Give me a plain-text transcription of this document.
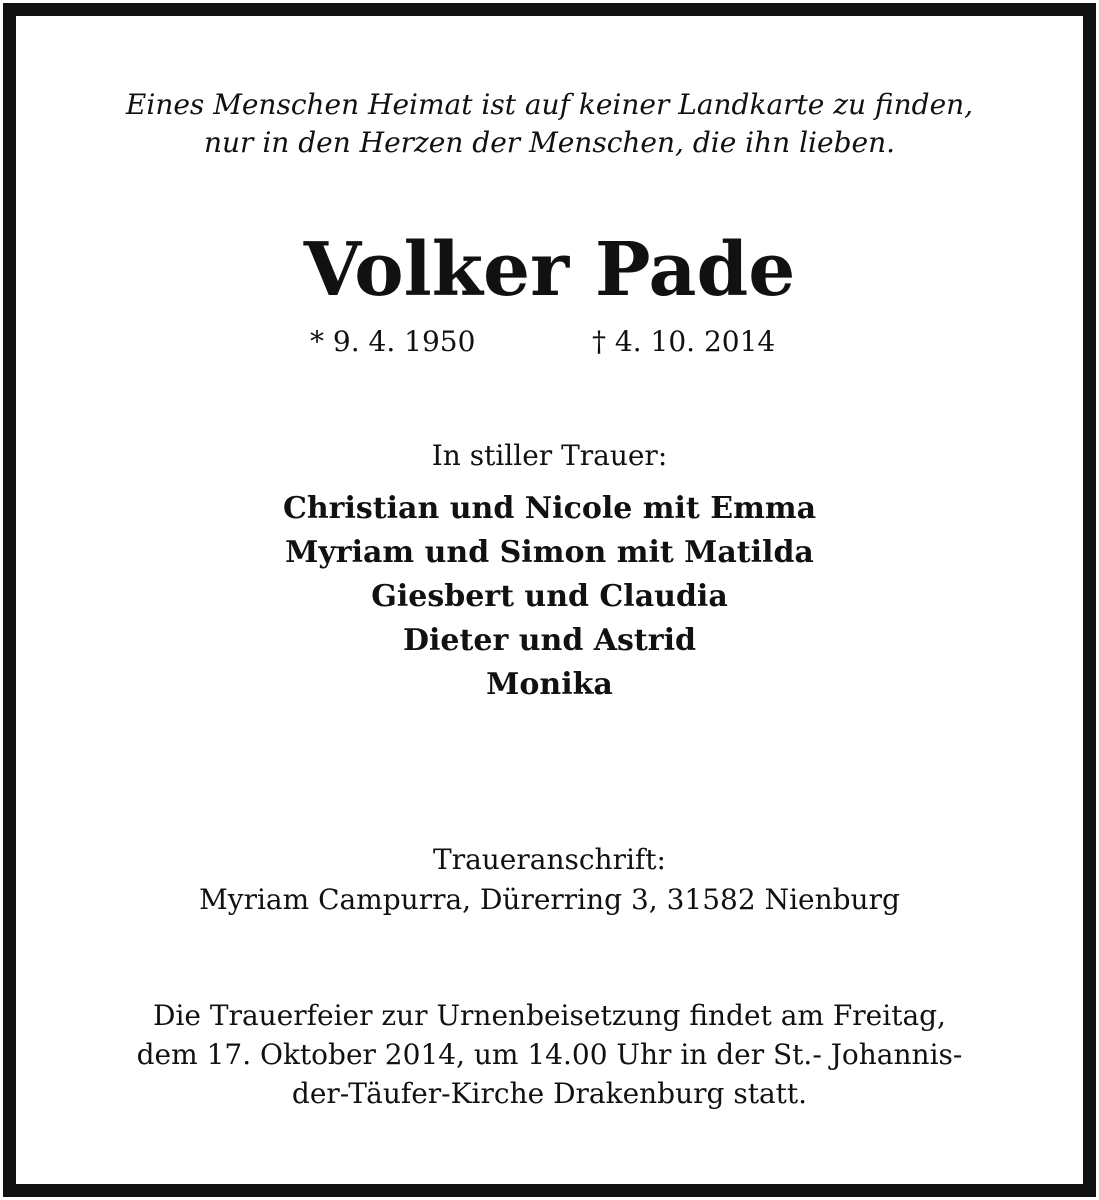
Eines Menschen Heimat ist auf keiner Landkarte zu finden,
nur in den Herzen der Menschen, die ihn lieben.

Volker Pade
* 9. 4. 1950	† 4. 10. 2014

In stiller Trauer:

Christian und Nicole mit Emma
Myriam und Simon mit Matilda
Giesbert und Claudia
Dieter und Astrid
Monika

Traueranschrift:

Myriam Campurra, Dürerring 3, 31582 Nienburg

Die Trauerfeier zur Urnenbeisetzung findet am Freitag,
dem 17. Oktober 2014, um 14.00 Uhr in der St.- Johannis-
der-Täufer-Kirche Drakenburg statt.
